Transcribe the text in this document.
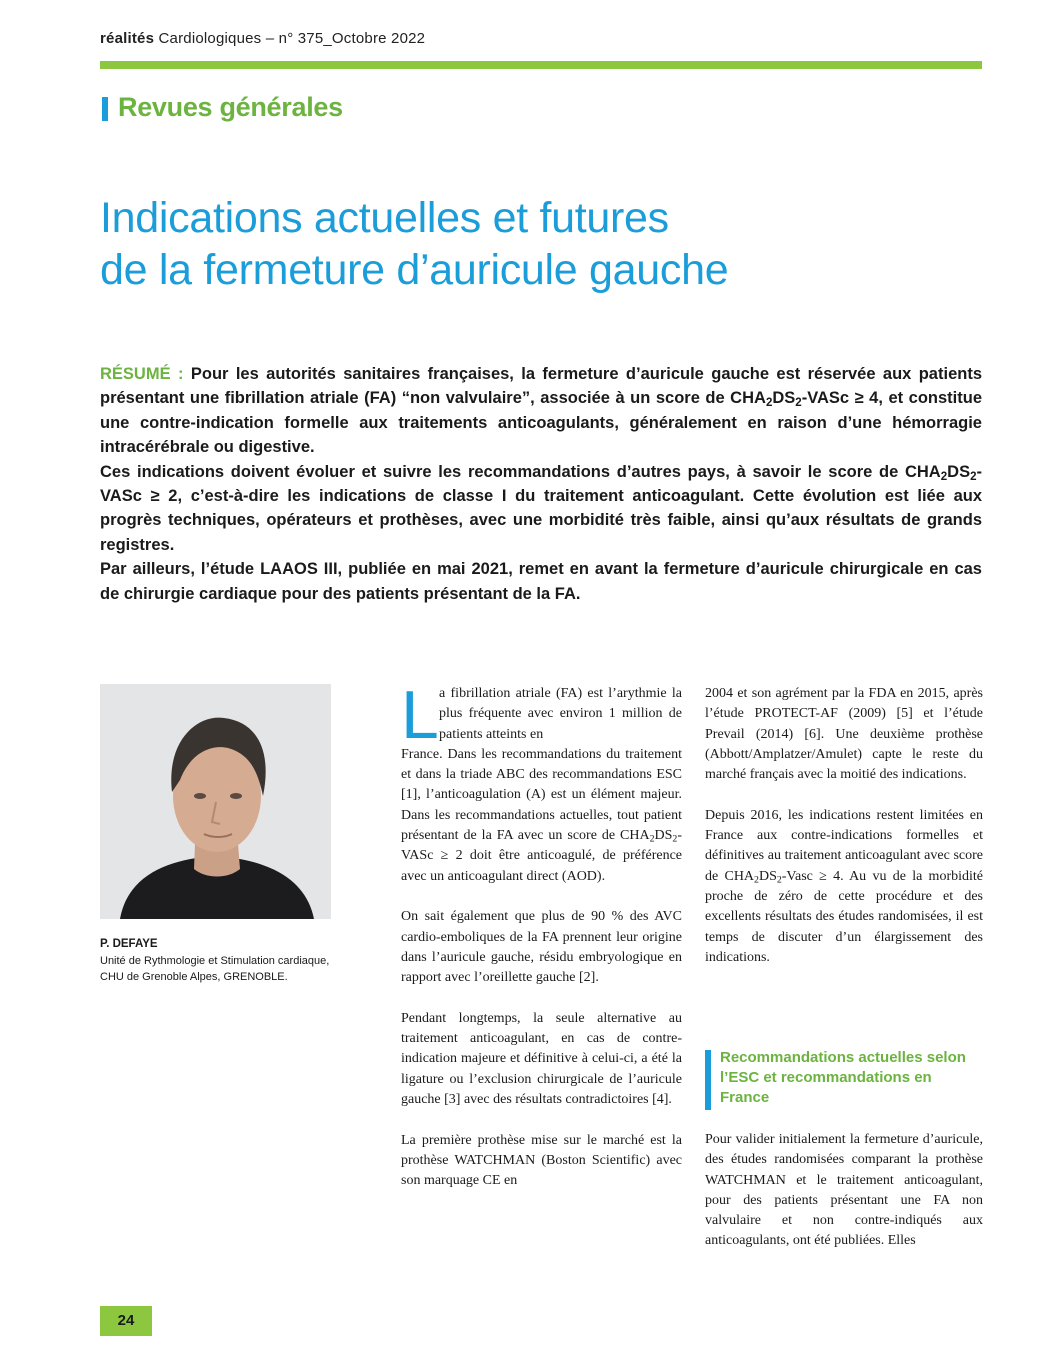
réalités Cardiologiques – n° 375_Octobre 2022
Revues générales
Indications actuelles et futures
de la fermeture d’auricule gauche

RÉSUMÉ : Pour les autorités sanitaires françaises, la fermeture d’auricule gauche est réservée aux patients présentant une fibrillation atriale (FA) “non valvulaire”, associée à un score de $CHA_2DS_2$-VASc ≥ 4, et constitue une contre-indication formelle aux traitements anticoagulants, généralement en raison d’une hémorragie intracérébrale ou digestive.

Ces indications doivent évoluer et suivre les recommandations d’autres pays, à savoir le score de $CHA_2DS_2$-VASc ≥ 2, c’est-à-dire les indications de classe I du traitement anticoagulant. Cette évolution est liée aux progrès techniques, opérateurs et prothèses, avec une morbidité très faible, ainsi qu’aux résultats de grands registres.

Par ailleurs, l’étude LAAOS III, publiée en mai 2021, remet en avant la fermeture d’auricule chirurgicale en cas de chirurgie cardiaque pour des patients présentant de la FA.

P. DEFAYE
Unité de Rythmologie et Stimulation cardiaque,
CHU de Grenoble Alpes, GRENOBLE.
L a fibrillation atriale (FA) est l’arythmie la plus fréquente avec environ 1 million de patients atteints en
France. Dans les recommandations du traitement et dans la triade ABC des recommandations ESC [1], l’anticoagulation (A) est un élément majeur. Dans les recommandations actuelles, tout patient présentant de la FA avec un score de $CHA_2DS_2$-VASc ≥ 2 doit être anticoagulé, de préférence avec un anticoagulant direct (AOD).

On sait également que plus de 90 % des AVC cardio-emboliques de la FA prennent leur origine dans l’auricule gauche, résidu embryologique en rapport avec l’oreillette gauche [2].

Pendant longtemps, la seule alternative au traitement anticoagulant, en cas de contre-indication majeure et définitive à celui-ci, a été la ligature ou l’exclusion chirurgicale de l’auricule gauche [3] avec des résultats contradictoires [4].

La première prothèse mise sur le marché est la prothèse WATCHMAN (Boston Scientific) avec son marquage CE en

2004 et son agrément par la FDA en 2015, après l’étude PROTECT-AF (2009) [5] et l’étude Prevail (2014) [6]. Une deuxième prothèse (Abbott/Amplatzer/Amulet) capte le reste du marché français avec la moitié des indications.

Depuis 2016, les indications restent limitées en France aux contre-indications formelles et définitives au traitement anticoagulant avec score de $CHA_2DS_2$-Vasc ≥ 4. Au vu de la morbidité proche de zéro de cette procédure et des excellents résultats des études randomisées, il est temps de discuter d’un élargissement des indications.

Recommandations actuelles selon l’ESC et recommandations en France

Pour valider initialement la fermeture d’auricule, des études randomisées comparant la prothèse WATCHMAN et le traitement anticoagulant, pour des patients présentant une FA non valvulaire et non contre-indiqués aux anticoagulants, ont été publiées. Elles

24
